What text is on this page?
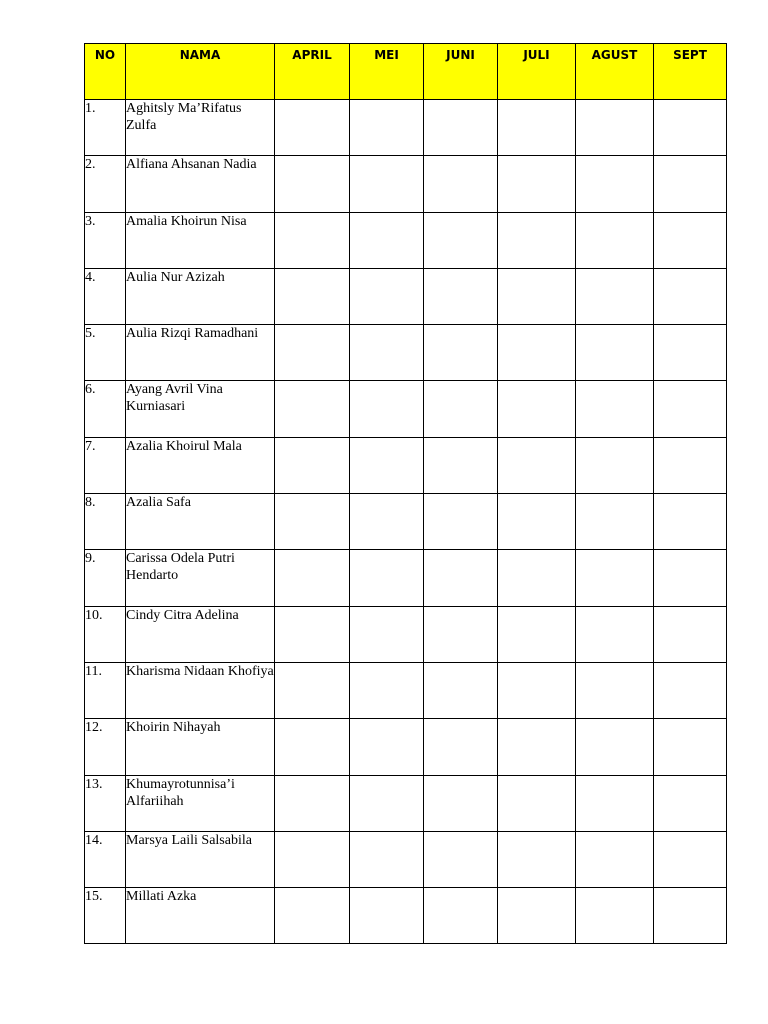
NO	NAMA	APRIL	MEI	JUNI	JULI	AGUST	SEPT
1.	Aghitsly Ma’Rifatus Zulfa						
2.	Alfiana Ahsanan Nadia						
3.	Amalia Khoirun Nisa						
4.	Aulia Nur Azizah						
5.	Aulia Rizqi Ramadhani						
6.	Ayang Avril Vina Kurniasari						
7.	Azalia Khoirul Mala						
8.	Azalia Safa						
9.	Carissa Odela Putri Hendarto						
10.	Cindy Citra Adelina						
11.	Kharisma Nidaan Khofiya						
12.	Khoirin Nihayah						
13.	Khumayrotunnisa’i Alfariihah						
14.	Marsya Laili Salsabila						
15.	Millati Azka						
